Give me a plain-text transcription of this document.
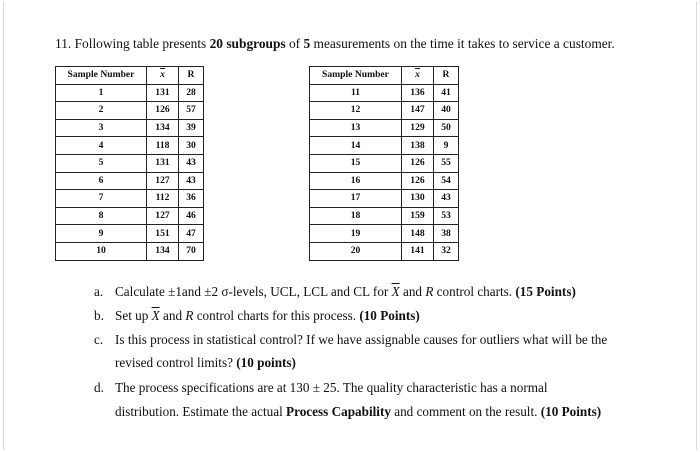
11. Following table presents 20 subgroups of 5 measurements on the time it takes to service a customer.
Sample Number	$\overline{x}$	R
1	131	28
2	126	57
3	134	39
4	118	30
5	131	43
6	127	43
7	112	36
8	127	46
9	151	47
10	134	70
Sample Number	$\overline{x}$	R
11	136	41
12	147	40
13	129	50
14	138	9
15	126	55
16	126	54
17	130	43
18	159	53
19	148	38
20	141	32
a. Calculate ±1and ±2 σ-levels, UCL, LCL and CL for $\overline{X}$ and R control charts. (15 Points)
b. Set up $\overline{X}$ and R control charts for this process. (10 Points)
c. Is this process in statistical control? If we have assignable causes for outliers what will be the
revised control limits? (10 points)
d. The process specifications are at 130 ± 25. The quality characteristic has a normal
distribution. Estimate the actual Process Capability and comment on the result. (10 Points)
